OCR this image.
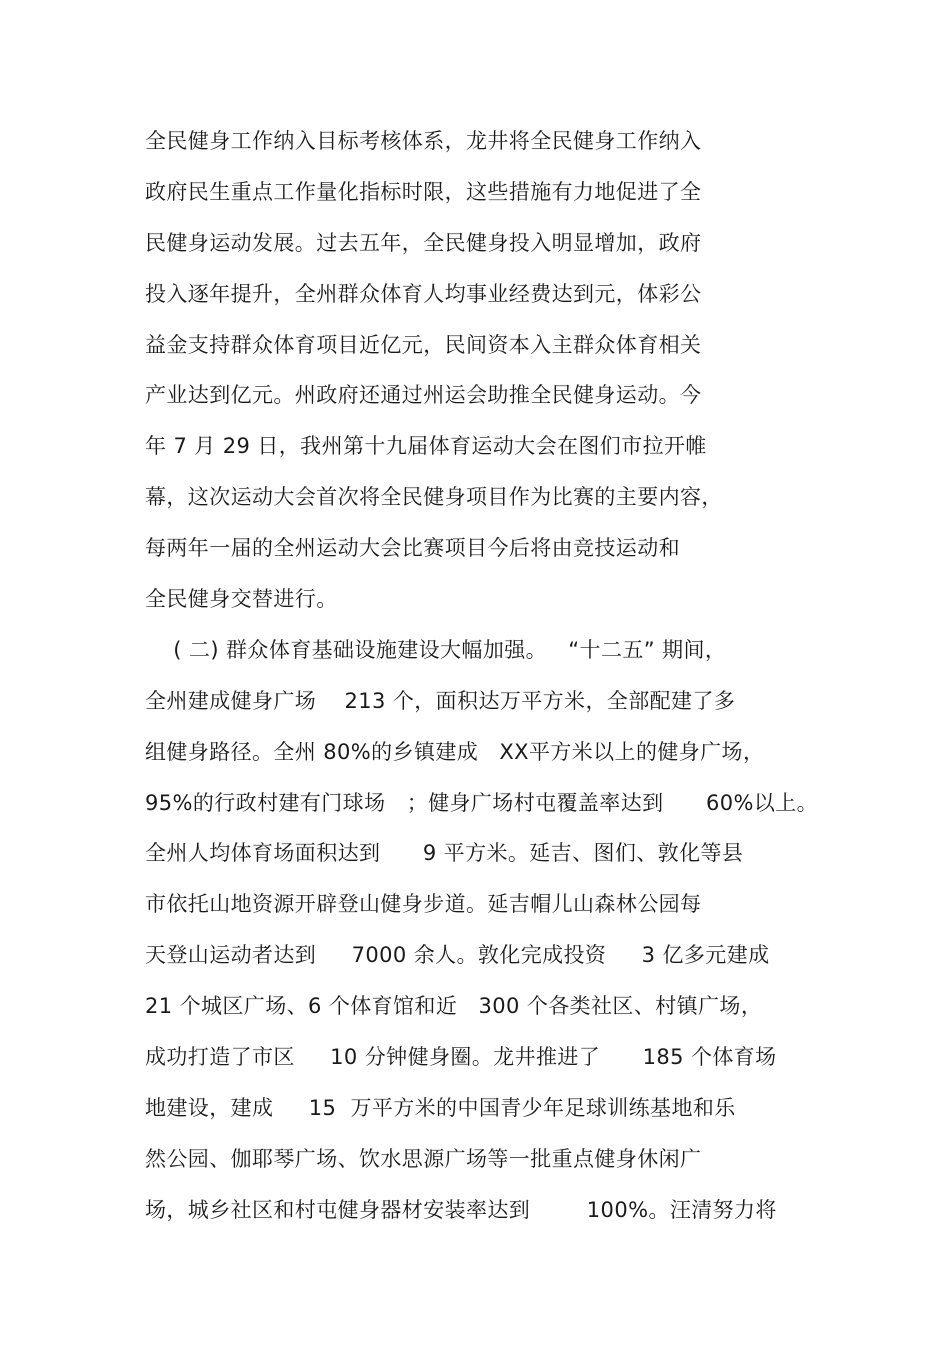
全民健身工作纳入目标考核体系，龙井将全民健身工作纳入
政府民生重点工作量化指标时限，这些措施有力地促进了全
民健身运动发展。过去五年，全民健身投入明显增加，政府
投入逐年提升，全州群众体育人均事业经费达到元，体彩公
益金支持群众体育项目近亿元，民间资本入主群众体育相关
产业达到亿元。州政府还通过州运会助推全民健身运动。今
年 7 月 29 日，我州第十九届体育运动大会在图们市拉开帷
幕，这次运动大会首次将全民健身项目作为比赛的主要内容，
每两年一届的全州运动大会比赛项目今后将由竞技运动和
全民健身交替进行。
( 二) 群众体育基础设施建设大幅加强。   “十二五” 期间，
全州建成健身广场    213 个，面积达万平方米，全部配建了多
组健身路径。全州 80%的乡镇建成   XX平方米以上的健身广场，
95%的行政村建有门球场   ；健身广场村屯覆盖率达到      60%以上。
全州人均体育场面积达到      9 平方米。延吉、图们、敦化等县
市依托山地资源开辟登山健身步道。延吉帽儿山森林公园每
天登山运动者达到     7000 余人。敦化完成投资     3 亿多元建成
21 个城区广场、6 个体育馆和近   300 个各类社区、村镇广场，
成功打造了市区     10 分钟健身圈。龙井推进了      185 个体育场
地建设，建成     15  万平方米的中国青少年足球训练基地和乐
然公园、伽耶琴广场、饮水思源广场等一批重点健身休闲广
场，城乡社区和村屯健身器材安装率达到        100%。汪清努力将
